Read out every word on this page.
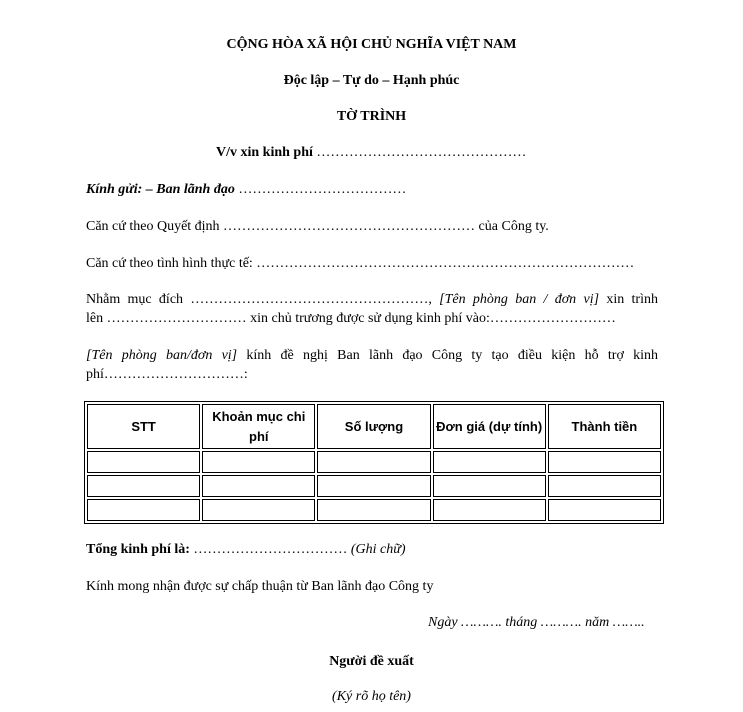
CỘNG HÒA XÃ HỘI CHỦ NGHĨA VIỆT NAM
Độc lập – Tự do – Hạnh phúc
TỜ TRÌNH
V/v xin kinh phí ………………………………………
Kính gửi: – Ban lãnh đạo ………………………………
Căn cứ theo Quyết định ……………………………………………… của Công ty.
Căn cứ theo tình hình thực tế: ………………………………………………………………………
Nhằm mục đích ……………………………………………, [Tên phòng ban / đơn vị] xin trình
lên ………………………… xin chủ trương được sử dụng kinh phí vào:………………………
[Tên phòng ban/đơn vị] kính đề nghị Ban lãnh đạo Công ty tạo điều kiện hỗ trợ kinh
phí…………………………:
STT	Khoản mục chi phí	Số lượng	Đơn giá (dự tính)	Thành tiền

Tổng kinh phí là: …………………………… (Ghi chữ)
Kính mong nhận được sự chấp thuận từ Ban lãnh đạo Công ty
Ngày ………. tháng ………. năm ……..
Người đề xuất
(Ký rõ họ tên)
